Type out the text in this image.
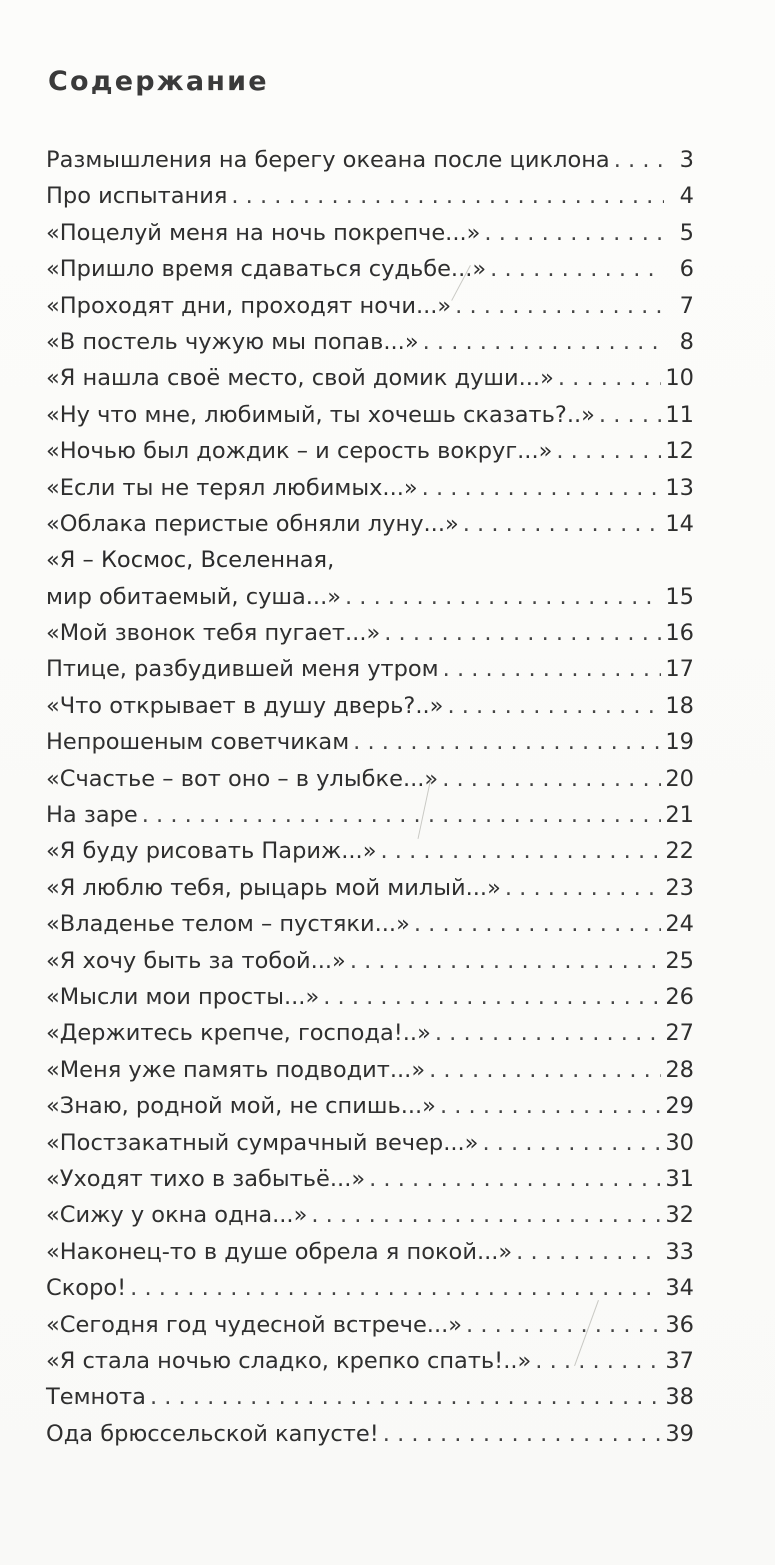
Содержание
Размышления на берегу океана после циклона . . .	3
Про испытания . . .	4
«Поцелуй меня на ночь покрепче...» . . .	5
«Пришло время сдаваться судьбе...» . . .	6
«Проходят дни, проходят ночи...» . . .	7
«В постель чужую мы попав...» . . .	8
«Я нашла своё место, свой домик души...» . . .	10
«Ну что мне, любимый, ты хочешь сказать?..» . . .	11
«Ночью был дождик – и серость вокруг...» . . .	12
«Если ты не терял любимых...» . . .	13
«Облака перистые обняли луну...» . . .	14
«Я – Космос, Вселенная,
мир обитаемый, суша...» . . .	15
«Мой звонок тебя пугает...» . . .	16
Птице, разбудившей меня утром . . .	17
«Что открывает в душу дверь?..» . . .	18
Непрошеным советчикам . . .	19
«Счастье – вот оно – в улыбке...» . . .	20
На заре . . .	21
«Я буду рисовать Париж...» . . .	22
«Я люблю тебя, рыцарь мой милый...» . . .	23
«Владенье телом – пустяки...» . . .	24
«Я хочу быть за тобой...» . . .	25
«Мысли мои просты...» . . .	26
«Держитесь крепче, господа!..» . . .	27
«Меня уже память подводит...» . . .	28
«Знаю, родной мой, не спишь...» . . .	29
«Постзакатный сумрачный вечер...» . . .	30
«Уходят тихо в забытьё...» . . .	31
«Сижу у окна одна...» . . .	32
«Наконец-то в душе обрела я покой...» . . .	33
Скоро! . . .	34
«Сегодня год чудесной встрече...» . . .	36
«Я стала ночью сладко, крепко спать!..» . . .	37
Темнота . . .	38
Ода брюссельской капусте! . . .	39
